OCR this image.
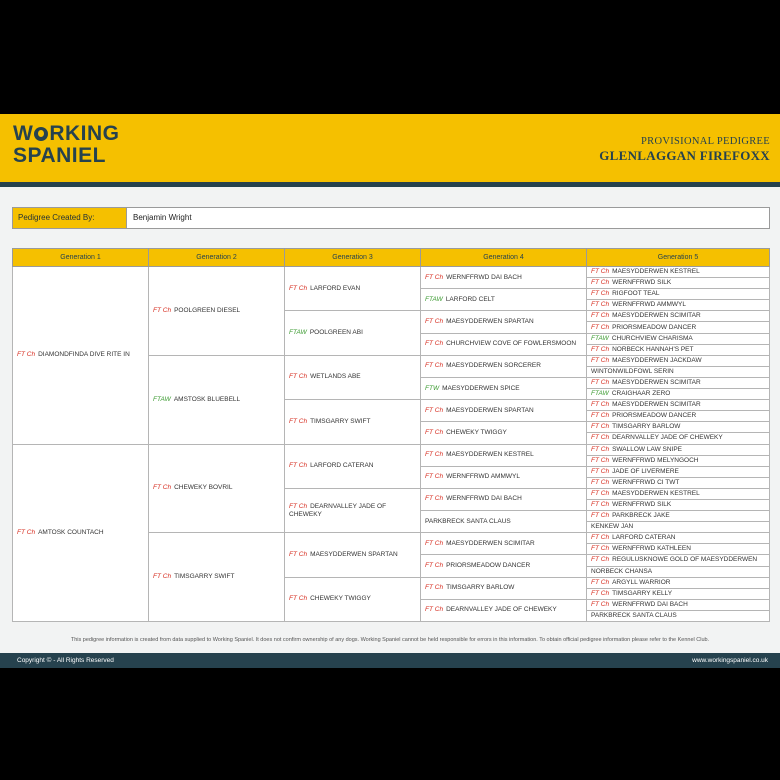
W RKING
SPANIEL
PROVISIONAL PEDIGREE
GLENLAGGAN FIREFOXX
Pedigree Created By:	Benjamin Wright
Generation 1	Generation 2	Generation 3	Generation 4	Generation 5
FT Ch DIAMONDFINDA DIVE RITE IN	FT Ch POOLGREEN DIESEL	FT Ch LARFORD EVAN	FT Ch WERNFFRWD DAI BACH	FT Ch MAESYDDERWEN KESTREL
				FT Ch WERNFFRWD SILK
			FTAW LARFORD CELT	FT Ch RIGFOOT TEAL
				FT Ch WERNFFRWD AMMWYL
		FTAW POOLGREEN ABI	FT Ch MAESYDDERWEN SPARTAN	FT Ch MAESYDDERWEN SCIMITAR
				FT Ch PRIORSMEADOW DANCER
			FT Ch CHURCHVIEW COVE OF FOWLERSMOON	FTAW CHURCHVIEW CHARISMA
				FT Ch NORBECK HANNAH'S PET
	FTAW AMSTOSK BLUEBELL	FT Ch WETLANDS ABE	FT Ch MAESYDDERWEN SORCERER	FT Ch MAESYDDERWEN JACKDAW
				WINTONWILDFOWL SERIN
			FTW MAESYDDERWEN SPICE	FT Ch MAESYDDERWEN SCIMITAR
				FTAW CRAIGHAAR ZERO
		FT Ch TIMSGARRY SWIFT	FT Ch MAESYDDERWEN SPARTAN	FT Ch MAESYDDERWEN SCIMITAR
				FT Ch PRIORSMEADOW DANCER
			FT Ch CHEWEKY TWIGGY	FT Ch TIMSGARRY BARLOW
				FT Ch DEARNVALLEY JADE OF CHEWEKY
FT Ch AMTOSK COUNTACH	FT Ch CHEWEKY BOVRIL	FT Ch LARFORD CATERAN	FT Ch MAESYDDERWEN KESTREL	FT Ch SWALLOW LAW SNIPE
				FT Ch WERNFFRWD MELYNGOCH
			FT Ch WERNFFRWD AMMWYL	FT Ch JADE OF LIVERMERE
				FT Ch WERNFFRWD CI TWT
		FT Ch DEARNVALLEY JADE OF CHEWEKY	FT Ch WERNFFRWD DAI BACH	FT Ch MAESYDDERWEN KESTREL
				FT Ch WERNFFRWD SILK
			PARKBRECK SANTA CLAUS	FT Ch PARKBRECK JAKE
				KENKEW JAN
	FT Ch TIMSGARRY SWIFT	FT Ch MAESYDDERWEN SPARTAN	FT Ch MAESYDDERWEN SCIMITAR	FT Ch LARFORD CATERAN
				FT Ch WERNFFRWD KATHLEEN
			FT Ch PRIORSMEADOW DANCER	FT Ch REGULUSKNOWE GOLD OF MAESYDDERWEN
				NORBECK CHANSA
		FT Ch CHEWEKY TWIGGY	FT Ch TIMSGARRY BARLOW	FT Ch ARGYLL WARRIOR
				FT Ch TIMSGARRY KELLY
			FT Ch DEARNVALLEY JADE OF CHEWEKY	FT Ch WERNFFRWD DAI BACH
				PARKBRECK SANTA CLAUS
This pedigree information is created from data supplied to Working Spaniel. It does not confirm ownership of any dogs. Working Spaniel cannot be held responsible for errors in this information. To obtain official pedigree information please refer to the Kennel Club.
Copyright © - All Rights Reserved	www.workingspaniel.co.uk
